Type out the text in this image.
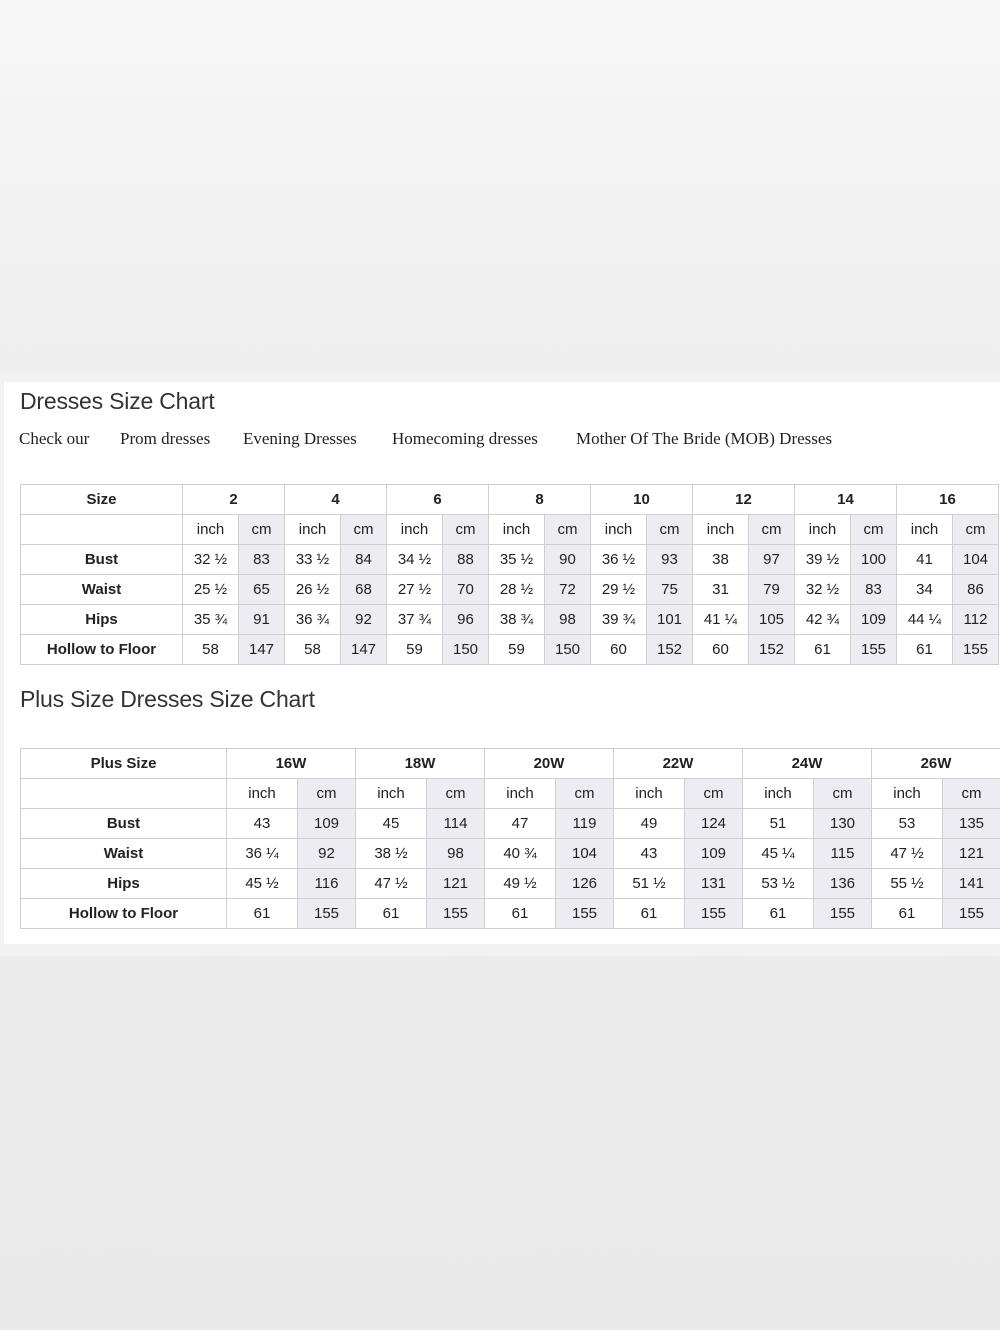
Dresses Size Chart
Check our Prom dresses Evening Dresses Homecoming dresses Mother Of The Bride (MOB) Dresses
Size	2		4		6		8		10		12		14		16	
	inch	cm	inch	cm	inch	cm	inch	cm	inch	cm	inch	cm	inch	cm	inch	cm
Bust	32 ½	83	33 ½	84	34 ½	88	35 ½	90	36 ½	93	38	97	39 ½	100	41	104
Waist	25 ½	65	26 ½	68	27 ½	70	28 ½	72	29 ½	75	31	79	32 ½	83	34	86
Hips	35 ¾	91	36 ¾	92	37 ¾	96	38 ¾	98	39 ¾	101	41 ¼	105	42 ¾	109	44 ¼	112
Hollow to Floor	58	147	58	147	59	150	59	150	60	152	60	152	61	155	61	155
Plus Size Dresses Size Chart
Plus Size	16W		18W		20W		22W		24W		26W	
	inch	cm	inch	cm	inch	cm	inch	cm	inch	cm	inch	cm
Bust	43	109	45	114	47	119	49	124	51	130	53	135
Waist	36 ¼	92	38 ½	98	40 ¾	104	43	109	45 ¼	115	47 ½	121
Hips	45 ½	116	47 ½	121	49 ½	126	51 ½	131	53 ½	136	55 ½	141
Hollow to Floor	61	155	61	155	61	155	61	155	61	155	61	155
